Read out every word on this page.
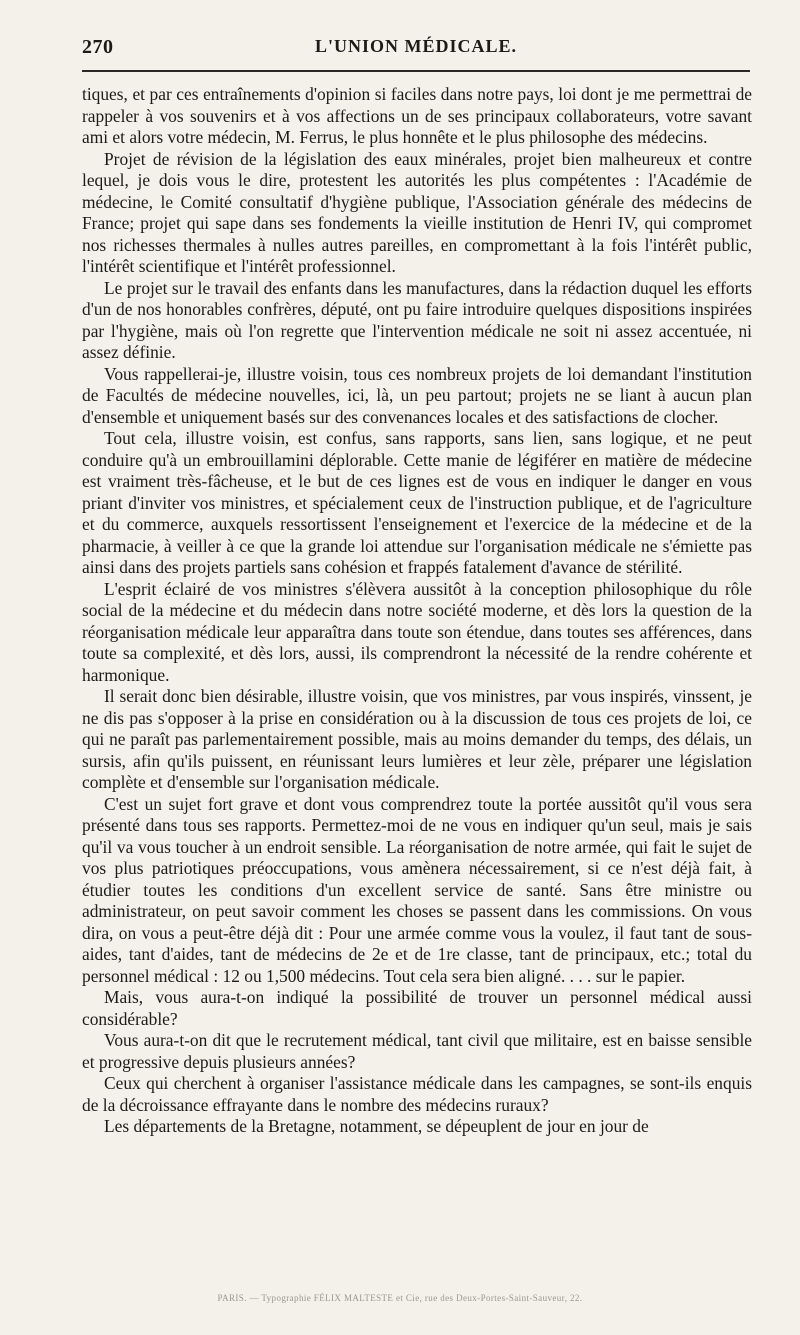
270	L'UNION MÉDICALE.

tiques, et par ces entraînements d'opinion si faciles dans notre pays, loi dont je me permettrai de rappeler à vos souvenirs et à vos affections un de ses principaux collaborateurs, votre savant ami et alors votre médecin, M. Ferrus, le plus honnête et le plus philosophe des médecins.

Projet de révision de la législation des eaux minérales, projet bien malheureux et contre lequel, je dois vous le dire, protestent les autorités les plus compétentes : l'Académie de médecine, le Comité consultatif d'hygiène publique, l'Association générale des médecins de France; projet qui sape dans ses fondements la vieille institution de Henri IV, qui compromet nos richesses thermales à nulles autres pareilles, en compromettant à la fois l'intérêt public, l'intérêt scientifique et l'intérêt professionnel.

Le projet sur le travail des enfants dans les manufactures, dans la rédaction duquel les efforts d'un de nos honorables confrères, député, ont pu faire introduire quelques dispositions inspirées par l'hygiène, mais où l'on regrette que l'intervention médicale ne soit ni assez accentuée, ni assez définie.

Vous rappellerai-je, illustre voisin, tous ces nombreux projets de loi demandant l'institution de Facultés de médecine nouvelles, ici, là, un peu partout; projets ne se liant à aucun plan d'ensemble et uniquement basés sur des convenances locales et des satisfactions de clocher.

Tout cela, illustre voisin, est confus, sans rapports, sans lien, sans logique, et ne peut conduire qu'à un embrouillamini déplorable. Cette manie de légiférer en matière de médecine est vraiment très-fâcheuse, et le but de ces lignes est de vous en indiquer le danger en vous priant d'inviter vos ministres, et spécialement ceux de l'instruction publique, et de l'agriculture et du commerce, auxquels ressortissent l'enseignement et l'exercice de la médecine et de la pharmacie, à veiller à ce que la grande loi attendue sur l'organisation médicale ne s'émiette pas ainsi dans des projets partiels sans cohésion et frappés fatalement d'avance de stérilité.

L'esprit éclairé de vos ministres s'élèvera aussitôt à la conception philosophique du rôle social de la médecine et du médecin dans notre société moderne, et dès lors la question de la réorganisation médicale leur apparaîtra dans toute son étendue, dans toutes ses afférences, dans toute sa complexité, et dès lors, aussi, ils comprendront la nécessité de la rendre cohérente et harmonique.

Il serait donc bien désirable, illustre voisin, que vos ministres, par vous inspirés, vinssent, je ne dis pas s'opposer à la prise en considération ou à la discussion de tous ces projets de loi, ce qui ne paraît pas parlementairement possible, mais au moins demander du temps, des délais, un sursis, afin qu'ils puissent, en réunissant leurs lumières et leur zèle, préparer une législation complète et d'ensemble sur l'organisation médicale.

C'est un sujet fort grave et dont vous comprendrez toute la portée aussitôt qu'il vous sera présenté dans tous ses rapports. Permettez-moi de ne vous en indiquer qu'un seul, mais je sais qu'il va vous toucher à un endroit sensible. La réorganisation de notre armée, qui fait le sujet de vos plus patriotiques préoccupations, vous amènera nécessairement, si ce n'est déjà fait, à étudier toutes les conditions d'un excellent service de santé. Sans être ministre ou administrateur, on peut savoir comment les choses se passent dans les commissions. On vous dira, on vous a peut-être déjà dit : Pour une armée comme vous la voulez, il faut tant de sous-aides, tant d'aides, tant de médecins de 2e et de 1re classe, tant de principaux, etc.; total du personnel médical : 12 ou 1,500 médecins. Tout cela sera bien aligné. . . . sur le papier.

Mais, vous aura-t-on indiqué la possibilité de trouver un personnel médical aussi considérable?

Vous aura-t-on dit que le recrutement médical, tant civil que militaire, est en baisse sensible et progressive depuis plusieurs années?

Ceux qui cherchent à organiser l'assistance médicale dans les campagnes, se sont-ils enquis de la décroissance effrayante dans le nombre des médecins ruraux?

Les départements de la Bretagne, notamment, se dépeuplent de jour en jour de

PARIS. — Typographie FÉLIX MALTESTE et Cie, rue des Deux-Portes-Saint-Sauveur, 22.
